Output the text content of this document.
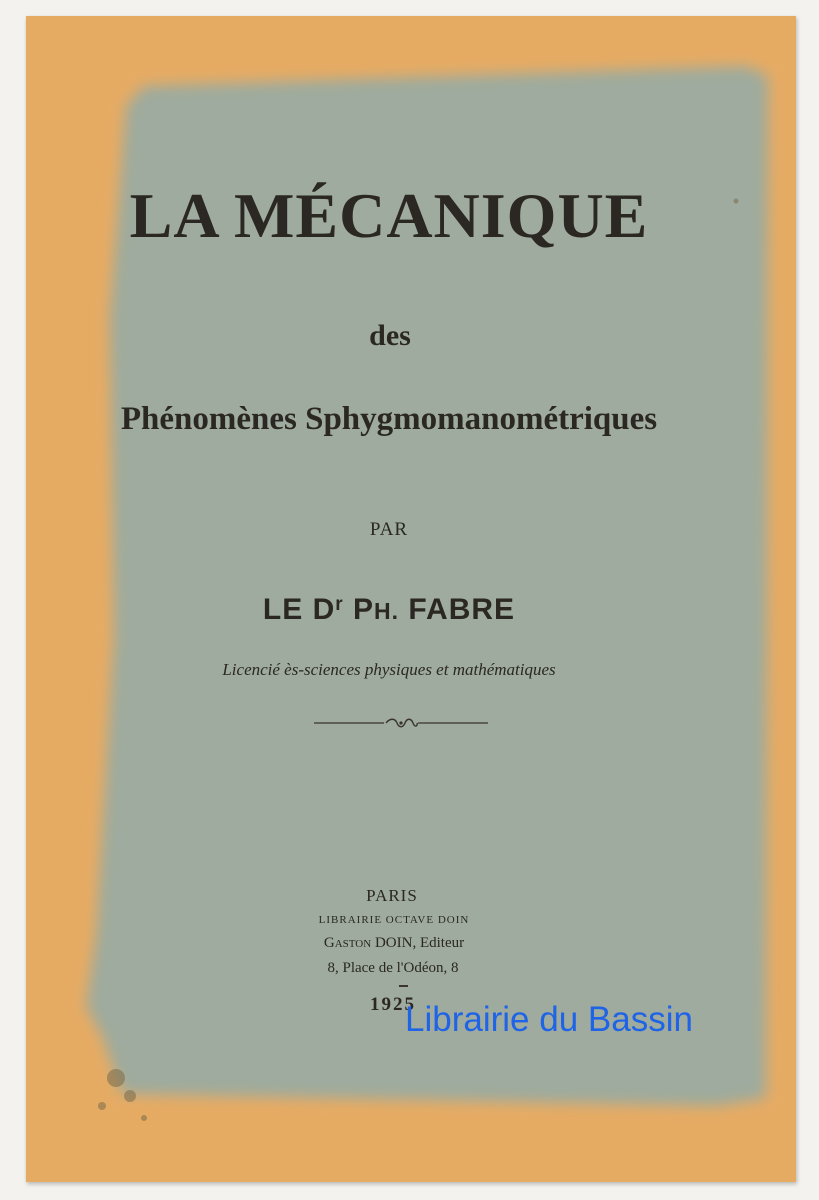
LA MÉCANIQUE

des

Phénomènes Sphygmomanométriques

PAR

LE $D^r$ PH. FABRE

Licencié ès-sciences physiques et mathématiques

PARIS

LIBRAIRIE OCTAVE DOIN

GASTON DOIN, Editeur

8, Place de l'Odéon, 8

1925

Librairie du Bassin
